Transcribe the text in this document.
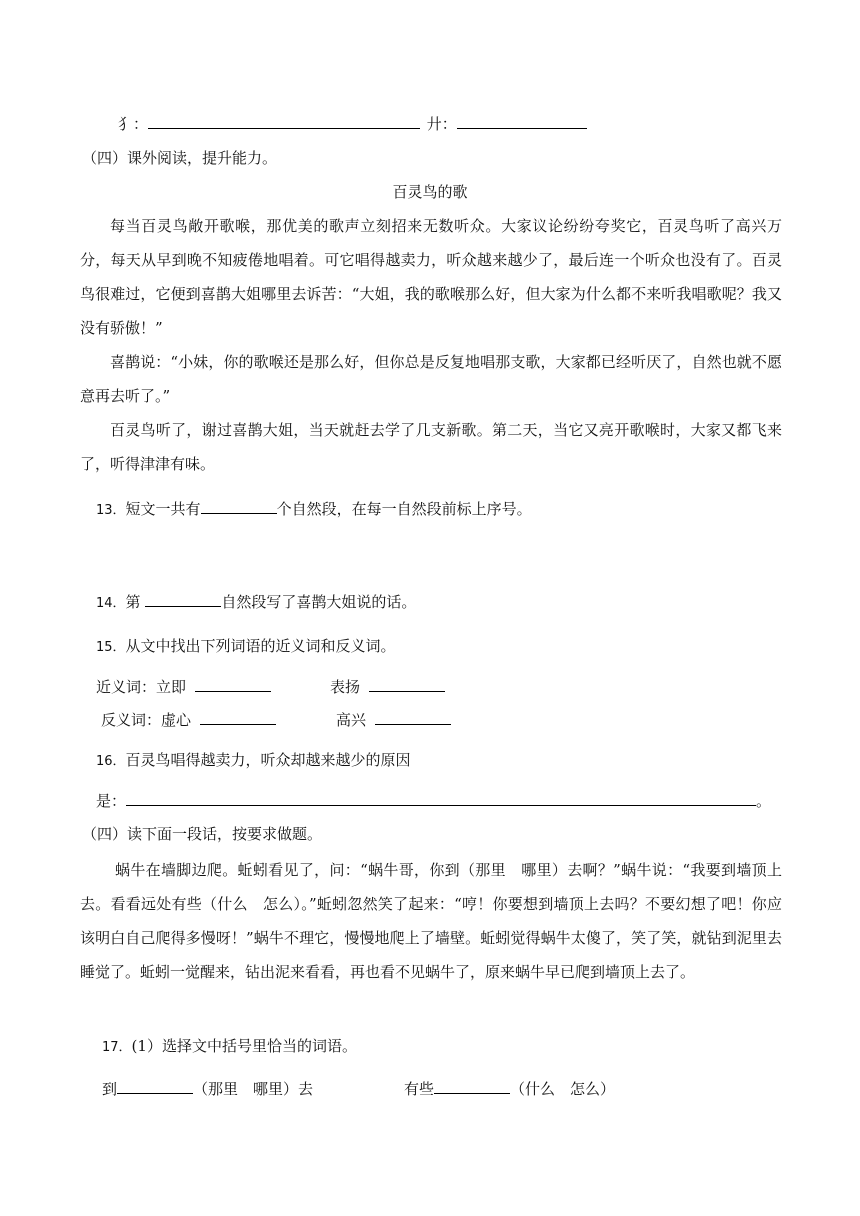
犭：	廾：
（四）课外阅读，提升能力。
百灵鸟的歌
每当百灵鸟敞开歌喉，那优美的歌声立刻招来无数听众。大家议论纷纷夸奖它，百灵鸟听了高兴万分，每天从早到晚不知疲倦地唱着。可它唱得越卖力，听众越来越少了，最后连一个听众也没有了。百灵鸟很难过，它便到喜鹊大姐哪里去诉苦：“大姐，我的歌喉那么好，但大家为什么都不来听我唱歌呢？我又没有骄傲！”
喜鹊说：“小妹，你的歌喉还是那么好，但你总是反复地唱那支歌，大家都已经听厌了，自然也就不愿意再去听了。”
百灵鸟听了，谢过喜鹊大姐，当天就赶去学了几支新歌。第二天，当它又亮开歌喉时，大家又都飞来了，听得津津有味。
13．短文一共有	个自然段，在每一自然段前标上序号。
14．第	自然段写了喜鹊大姐说的话。
15．从文中找出下列词语的近义词和反义词。
近义词：立即	表扬
反义词：虚心	高兴
16．百灵鸟唱得越卖力，听众却越来越少的原因
是：	。
（四）读下面一段话，按要求做题。
蜗牛在墙脚边爬。蚯蚓看见了，问：“蜗牛哥，你到（那里　哪里）去啊？”蜗牛说：“我要到墙顶上去。看看远处有些（什么　怎么）。”蚯蚓忽然笑了起来：“哼！你要想到墙顶上去吗？不要幻想了吧！你应该明白自己爬得多慢呀！”蜗牛不理它，慢慢地爬上了墙壁。蚯蚓觉得蜗牛太傻了，笑了笑，就钻到泥里去睡觉了。蚯蚓一觉醒来，钻出泥来看看，再也看不见蜗牛了，原来蜗牛早已爬到墙顶上去了。
17．(1）选择文中括号里恰当的词语。
到	（那里　哪里）去	有些	（什么　怎么）
